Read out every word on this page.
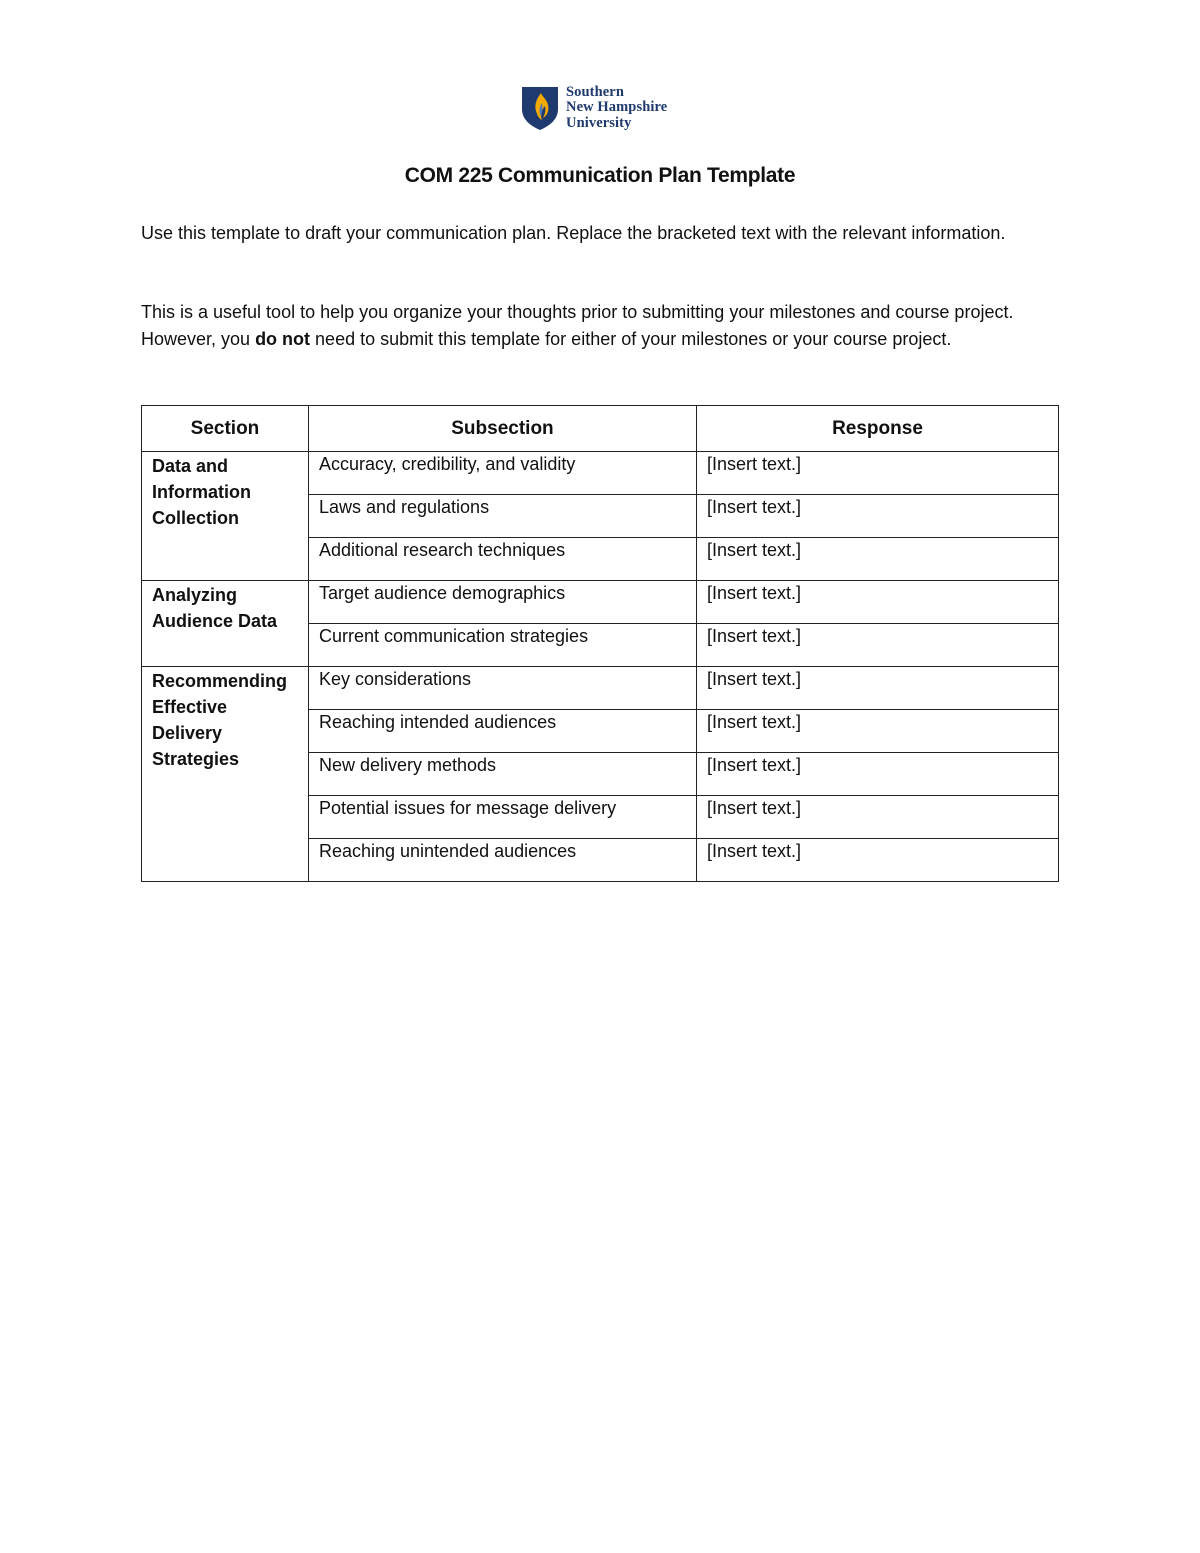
Southern
New Hampshire
University
COM 225 Communication Plan Template
Use this template to draft your communication plan. Replace the bracketed text with the relevant information.
This is a useful tool to help you organize your thoughts prior to submitting your milestones and course project. However, you do not need to submit this template for either of your milestones or your course project.
Section	Subsection	Response
Data and Information Collection	Accuracy, credibility, and validity	[Insert text.]
	Laws and regulations	[Insert text.]
	Additional research techniques	[Insert text.]
Analyzing Audience Data	Target audience demographics	[Insert text.]
	Current communication strategies	[Insert text.]
Recommending Effective Delivery Strategies	Key considerations	[Insert text.]
	Reaching intended audiences	[Insert text.]
	New delivery methods	[Insert text.]
	Potential issues for message delivery	[Insert text.]
	Reaching unintended audiences	[Insert text.]
